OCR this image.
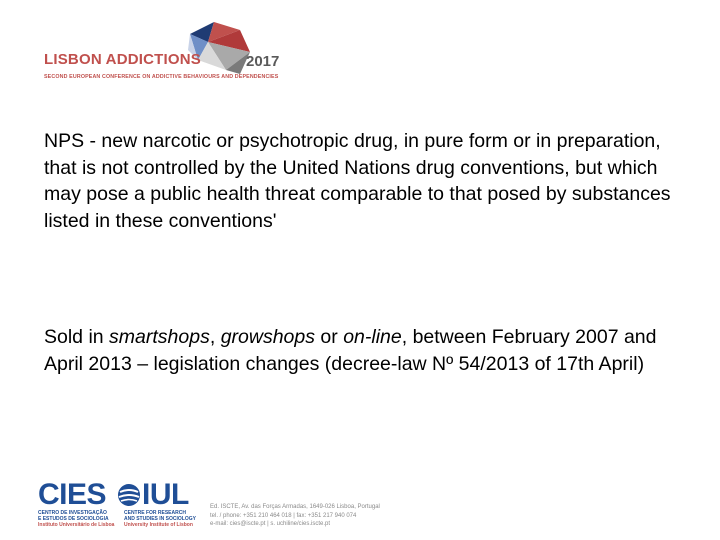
LISBON ADDICTIONS	2017
SECOND EUROPEAN CONFERENCE ON ADDICTIVE BEHAVIOURS AND DEPENDENCIES

NPS - new narcotic or psychotropic drug, in pure form or in preparation, that is not controlled by the United Nations drug conventions, but which may pose a public health threat comparable to that posed by substances listed in these conventions'

Sold in smartshops, growshops or on-line, between February 2007 and April 2013 – legislation changes (decree-law Nº 54/2013 of 17th April)

CIES IUL
CENTRO DE INVESTIGAÇÃO
E ESTUDOS DE SOCIOLOGIA
Instituto Universitário de Lisboa
CENTRE FOR RESEARCH
AND STUDIES IN SOCIOLOGY
University Institute of Lisbon
Ed. ISCTE, Av. das Forças Armadas, 1649-026 Lisboa, Portugal
tel. / phone: +351 210 464 018 | fax: +351 217 940 074
e-mail: cies@iscte.pt | s. uchiline/cies.iscte.pt
